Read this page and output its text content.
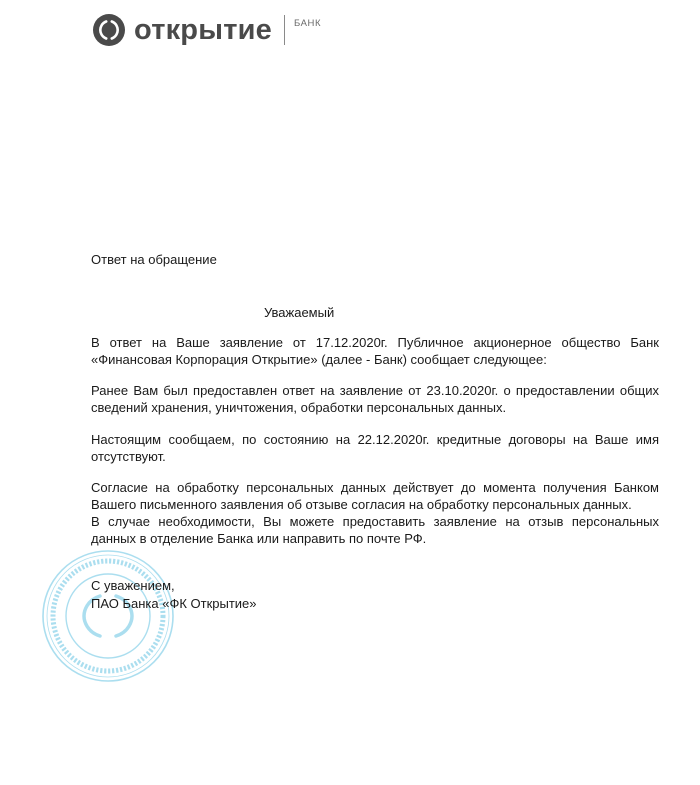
открытие БАНК

Ответ на обращение

Уважаемый

В ответ на Ваше заявление от 17.12.2020г. Публичное акционерное общество Банк «Финансовая Корпорация Открытие» (далее - Банк) сообщает следующее:

Ранее Вам был предоставлен ответ на заявление от 23.10.2020г. о предоставлении общих сведений хранения, уничтожения, обработки персональных данных.

Настоящим сообщаем, по состоянию на 22.12.2020г. кредитные договоры на Ваше имя отсутствуют.

Согласие на обработку персональных данных действует до момента получения Банком Вашего письменного заявления об отзыве согласия на обработку персональных данных.

В случае необходимости, Вы можете предоставить заявление на отзыв персональных данных в отделение Банка или направить по почте РФ.

С уважением,

ПАО Банка «ФК Открытие»
